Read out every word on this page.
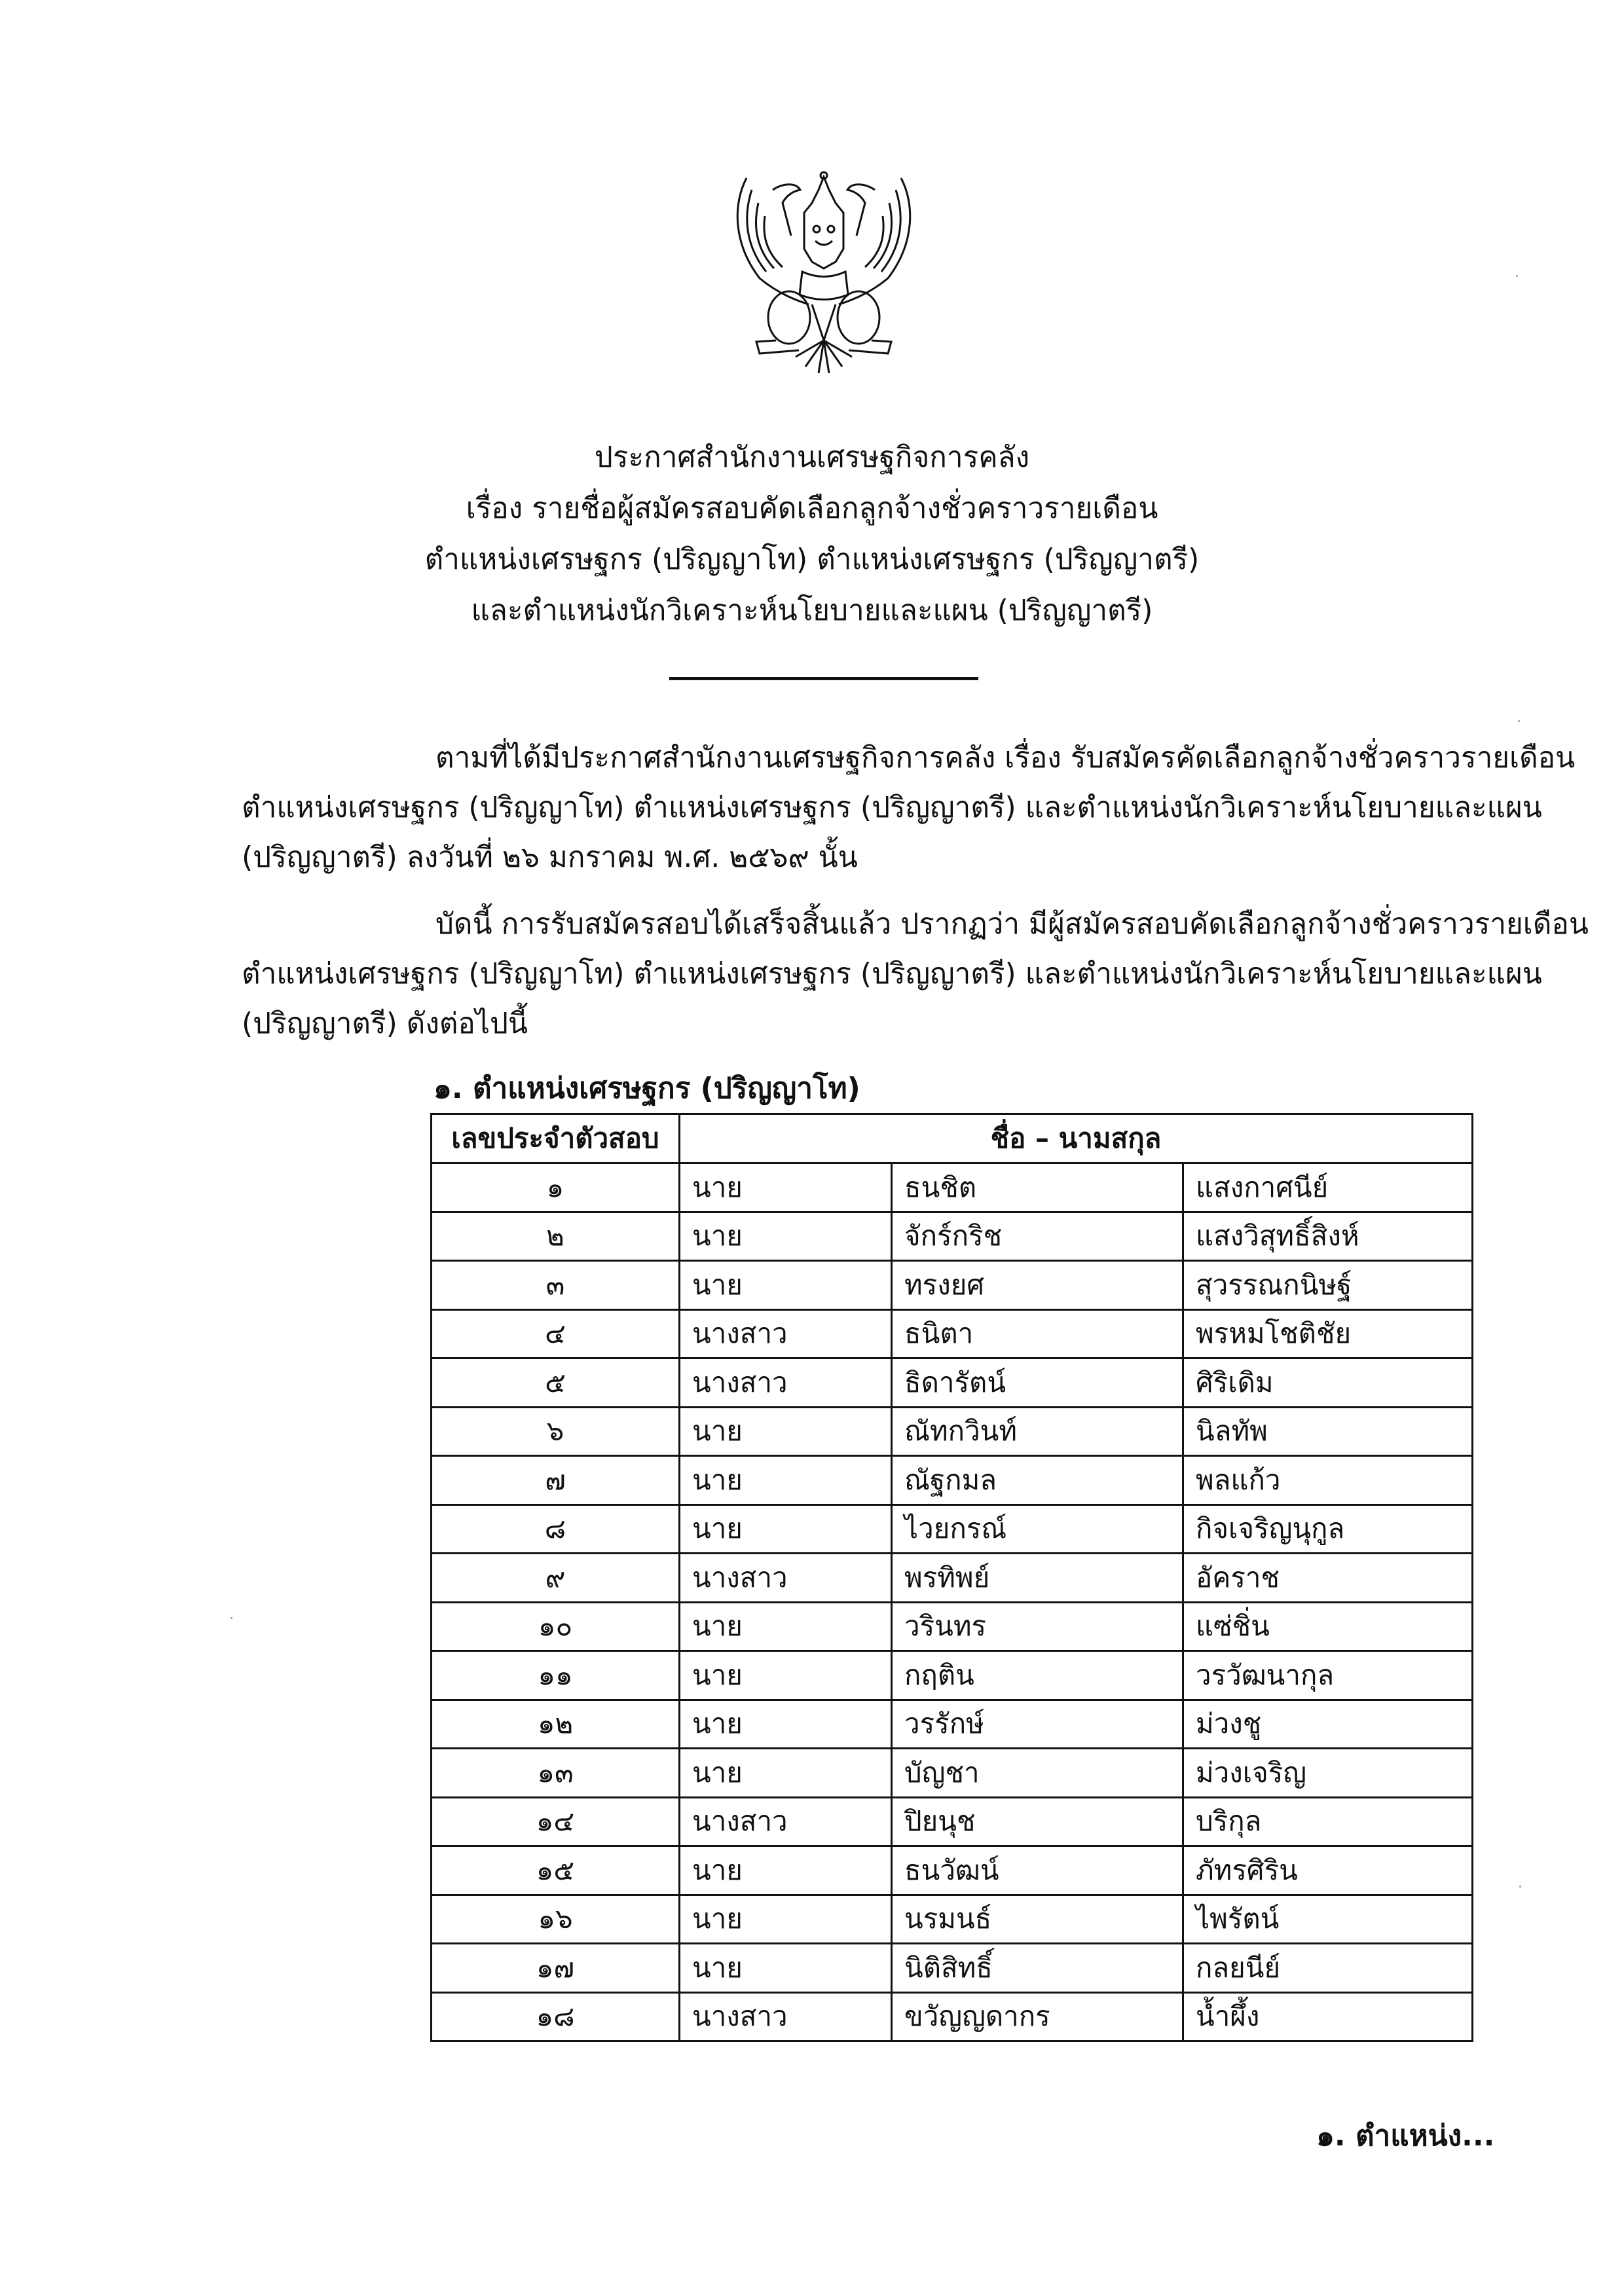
ประกาศสำนักงานเศรษฐกิจการคลัง
เรื่อง รายชื่อผู้สมัครสอบคัดเลือกลูกจ้างชั่วคราวรายเดือน
ตำแหน่งเศรษฐกร (ปริญญาโท) ตำแหน่งเศรษฐกร (ปริญญาตรี)
และตำแหน่งนักวิเคราะห์นโยบายและแผน (ปริญญาตรี)
ตามที่ได้มีประกาศสำนักงานเศรษฐกิจการคลัง เรื่อง รับสมัครคัดเลือกลูกจ้างชั่วคราวรายเดือน
ตำแหน่งเศรษฐกร (ปริญญาโท) ตำแหน่งเศรษฐกร (ปริญญาตรี) และตำแหน่งนักวิเคราะห์นโยบายและแผน
(ปริญญาตรี) ลงวันที่ ๒๖ มกราคม พ.ศ. ๒๕๖๙ นั้น
บัดนี้ การรับสมัครสอบได้เสร็จสิ้นแล้ว ปรากฏว่า มีผู้สมัครสอบคัดเลือกลูกจ้างชั่วคราวรายเดือน
ตำแหน่งเศรษฐกร (ปริญญาโท) ตำแหน่งเศรษฐกร (ปริญญาตรี) และตำแหน่งนักวิเคราะห์นโยบายและแผน
(ปริญญาตรี) ดังต่อไปนี้
๑. ตำแหน่งเศรษฐกร (ปริญญาโท)
เลขประจำตัวสอบ	ชื่อ – นามสกุล		
๑	นาย	ธนชิต	แสงกาศนีย์
๒	นาย	จักร์กริช	แสงวิสุทธิ์สิงห์
๓	นาย	ทรงยศ	สุวรรณกนิษฐ์
๔	นางสาว	ธนิตา	พรหมโชติชัย
๕	นางสาว	ธิดารัตน์	ศิริเดิม
๖	นาย	ณัทกวินท์	นิลทัพ
๗	นาย	ณัฐกมล	พลแก้ว
๘	นาย	ไวยกรณ์	กิจเจริญนุกูล
๙	นางสาว	พรทิพย์	อัคราช
๑๐	นาย	วรินทร	แซ่ชิ่น
๑๑	นาย	กฤติน	วรวัฒนากุล
๑๒	นาย	วรรักษ์	ม่วงชู
๑๓	นาย	บัญชา	ม่วงเจริญ
๑๔	นางสาว	ปิยนุช	บริกุล
๑๕	นาย	ธนวัฒน์	ภัทรศิริน
๑๖	นาย	นรมนธ์	ไพรัตน์
๑๗	นาย	นิติสิทธิ์	กลยนีย์
๑๘	นางสาว	ขวัญญดากร	น้ำผึ้ง
๑. ตำแหน่ง...
